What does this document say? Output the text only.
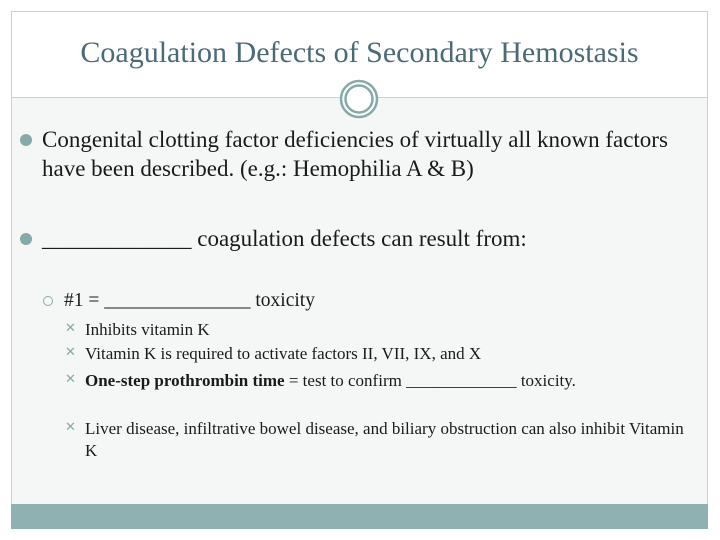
Coagulation Defects of Secondary Hemostasis
Congenital clotting factor deficiencies of virtually all known factors have been described. (e.g.: Hemophilia A & B)
_____________ coagulation defects can result from:
#1 = _______________ toxicity
✕ Inhibits vitamin K
✕ Vitamin K is required to activate factors II, VII, IX, and X
✕ One-step prothrombin time = test to confirm _____________ toxicity.
✕ Liver disease, infiltrative bowel disease, and biliary obstruction can also inhibit Vitamin K
